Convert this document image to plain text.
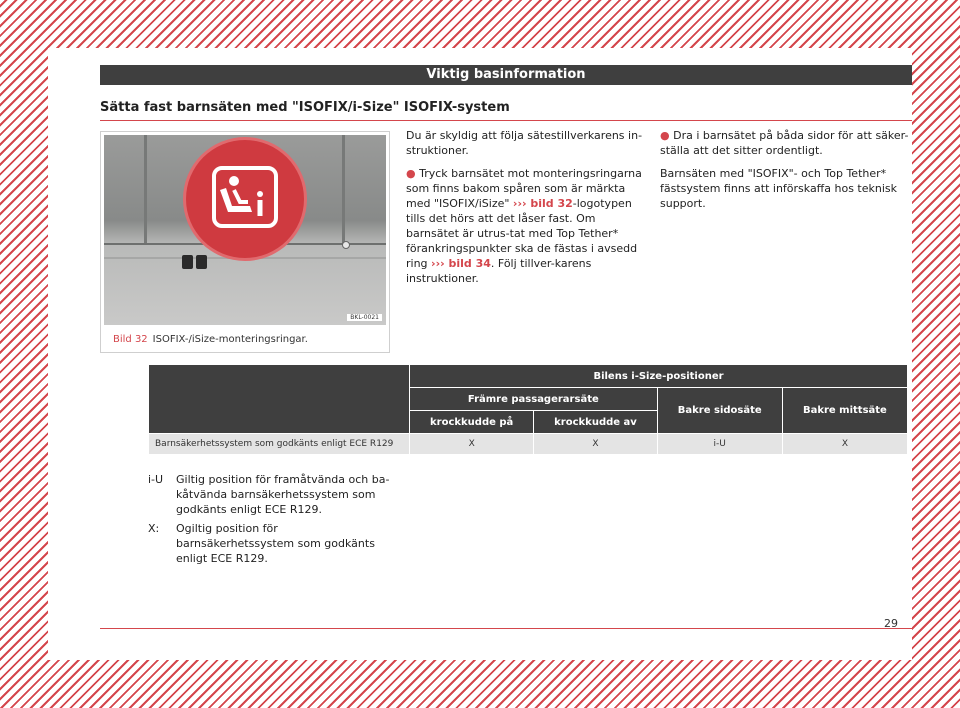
Viktig basinformation
Sätta fast barnsäten med "ISOFIX/i-Size" ISOFIX-system
BKL-0021
Bild 32 ISOFIX-/iSize-monteringsringar.

Du är skyldig att följa sätestillverkarens in-struktioner.

● Tryck barnsätet mot monteringsringarna som finns bakom spåren som är märkta med "ISOFIX/iSize" ››› bild 32-logotypen tills det hörs att det låser fast. Om barnsätet är utrus-tat med Top Tether* förankringspunkter ska de fästas i avsedd ring ››› bild 34. Följ tillver-karens instruktioner.

● Dra i barnsätet på båda sidor för att säker-ställa att det sitter ordentligt.

Barnsäten med "ISOFIX"- och Top Tether* fästsystem finns att införskaffa hos teknisk support.

	Bilens i-Size-positioner			
	Främre passagerarsäte		Bakre sidosäte	Bakre mittsäte
	krockkudde på	krockkudde av		
Barnsäkerhetssystem som godkänts enligt ECE R129	X	X	i-U	X
i-U	Giltig position för framåtvända och ba-kåtvända barnsäkerhetssystem som godkänts enligt ECE R129.
X:	Ogiltig position för barnsäkerhetssystem som godkänts enligt ECE R129.
29
